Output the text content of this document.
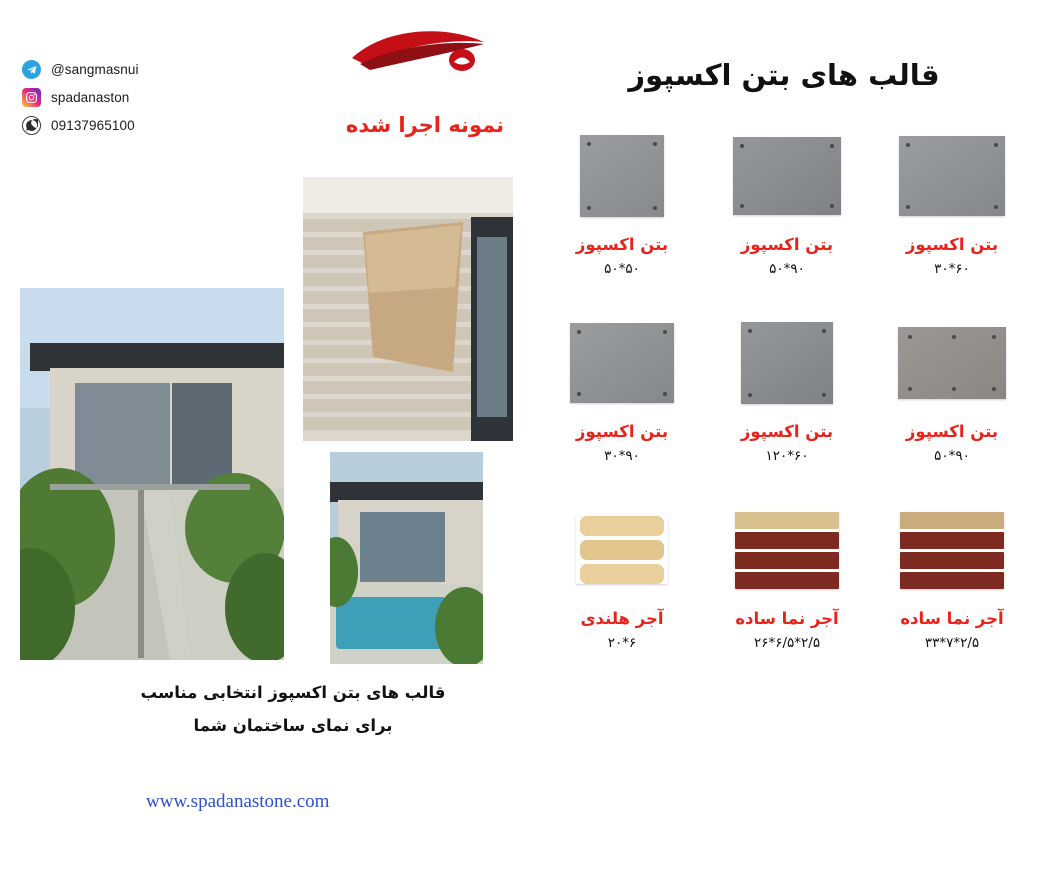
@sangmasnui
spadanaston
09137965100	نمونه اجرا شده
قالب های بتن اکسپوز
قالب های بتن اکسپوز انتخابی مناسب
برای نمای ساختمان شما
www.spadanastone.com
بتن اکسپوز
۶۰*۳۰
بتن اکسپوز
۹۰*۵۰
بتن اکسپوز
۵۰*۵۰
بتن اکسپوز
۹۰*۵۰
بتن اکسپوز
۶۰*۱۲۰
بتن اکسپوز
۹۰*۳۰
آجر نما ساده
۲/۵*۷*۳۳
آجر نما ساده
۲/۵*۶/۵*۲۶
آجر هلندی
۶*۲۰
